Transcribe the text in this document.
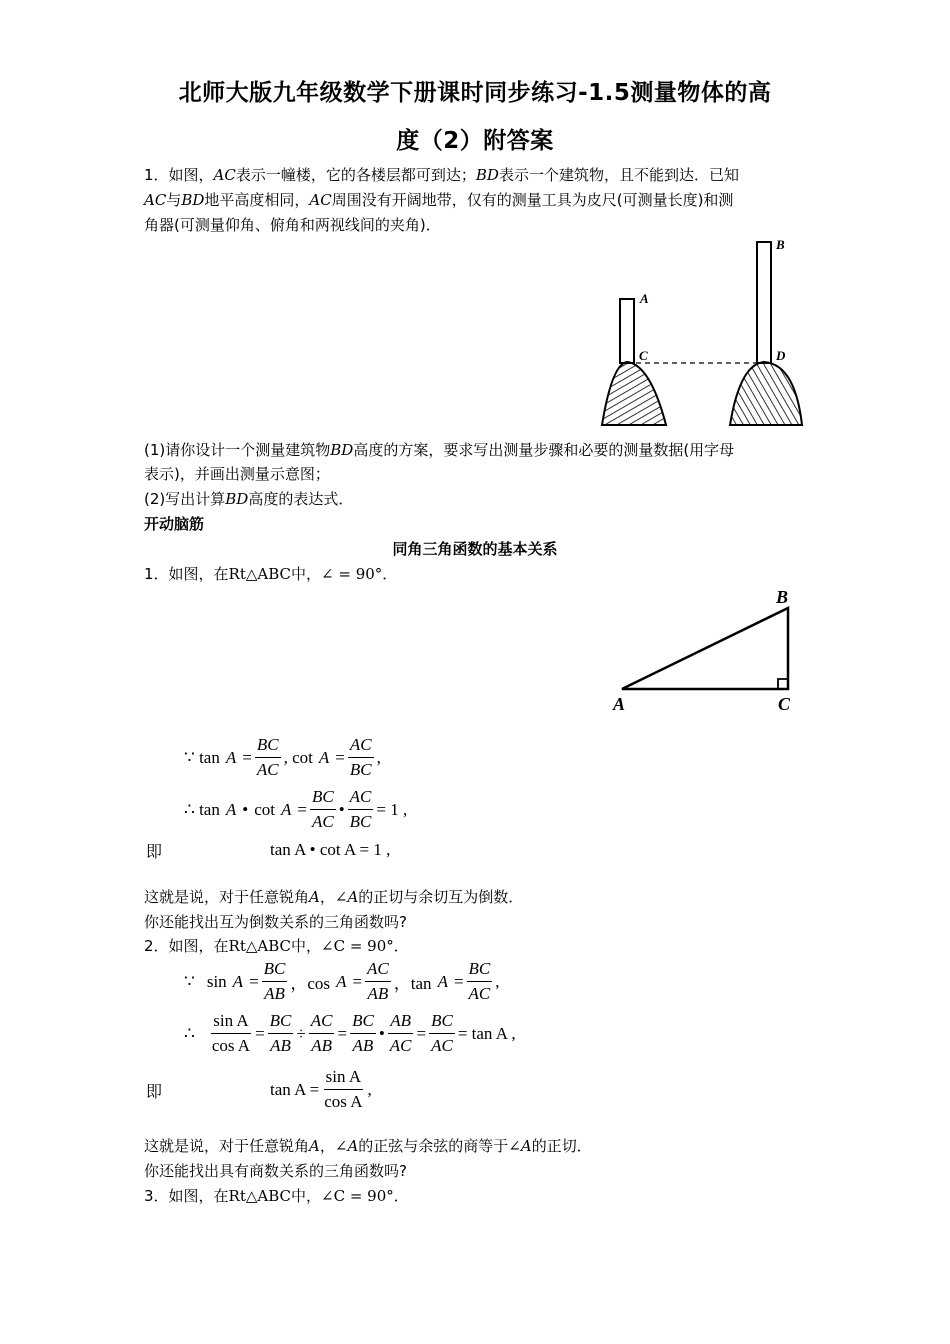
北师大版九年级数学下册课时同步练习-1.5测量物体的高
度（2）附答案
1．如图，AC表示一幢楼，它的各楼层都可到达；BD表示一个建筑物，且不能到达．已知
AC与BD地平高度相同，AC周围没有开阔地带，仅有的测量工具为皮尺(可测量长度)和测
角器(可测量仰角、俯角和两视线间的夹角)．
A
C
B
D
(1)请你设计一个测量建筑物BD高度的方案，要求写出测量步骤和必要的测量数据(用字母
表示)，并画出测量示意图；
(2)写出计算BD高度的表达式．
开动脑筋
同角三角函数的基本关系
1．如图，在Rt△ABC中，∠ = 90°．
A
B
C
∵ $\tan A = \frac{BC}{AC}$ , $\cot A = \frac{AC}{BC}$ ,
∴ tan A • $\cot A = \frac{BC}{AC}$ • $\frac{AC}{BC} = 1$ ,
即	tan A • cot A = 1 ,
这就是说，对于任意锐角A，∠A的正切与余切互为倒数．
你还能找出互为倒数关系的三角函数吗?
2．如图，在Rt△ABC中，∠C = 90°．
∵ $\sin A = \frac{BC}{AB}$ ，$\cos A = \frac{AC}{AB}$ ，$\tan A = \frac{BC}{AC}$ ,
∴ $\frac{\text{sin A}}{\text{cos A}} = \frac{BC}{AB} \div \frac{AC}{AB} = \frac{BC}{AB}$ • $\frac{AB}{AC} = \frac{BC}{AC} = \tan A$ ,
即	$\tan A = \frac{\text{sin A}}{\text{cos A}}$ ,
这就是说，对于任意锐角A，∠A的正弦与余弦的商等于∠A的正切．
你还能找出具有商数关系的三角函数吗?
3．如图，在Rt△ABC中，∠C = 90°．
